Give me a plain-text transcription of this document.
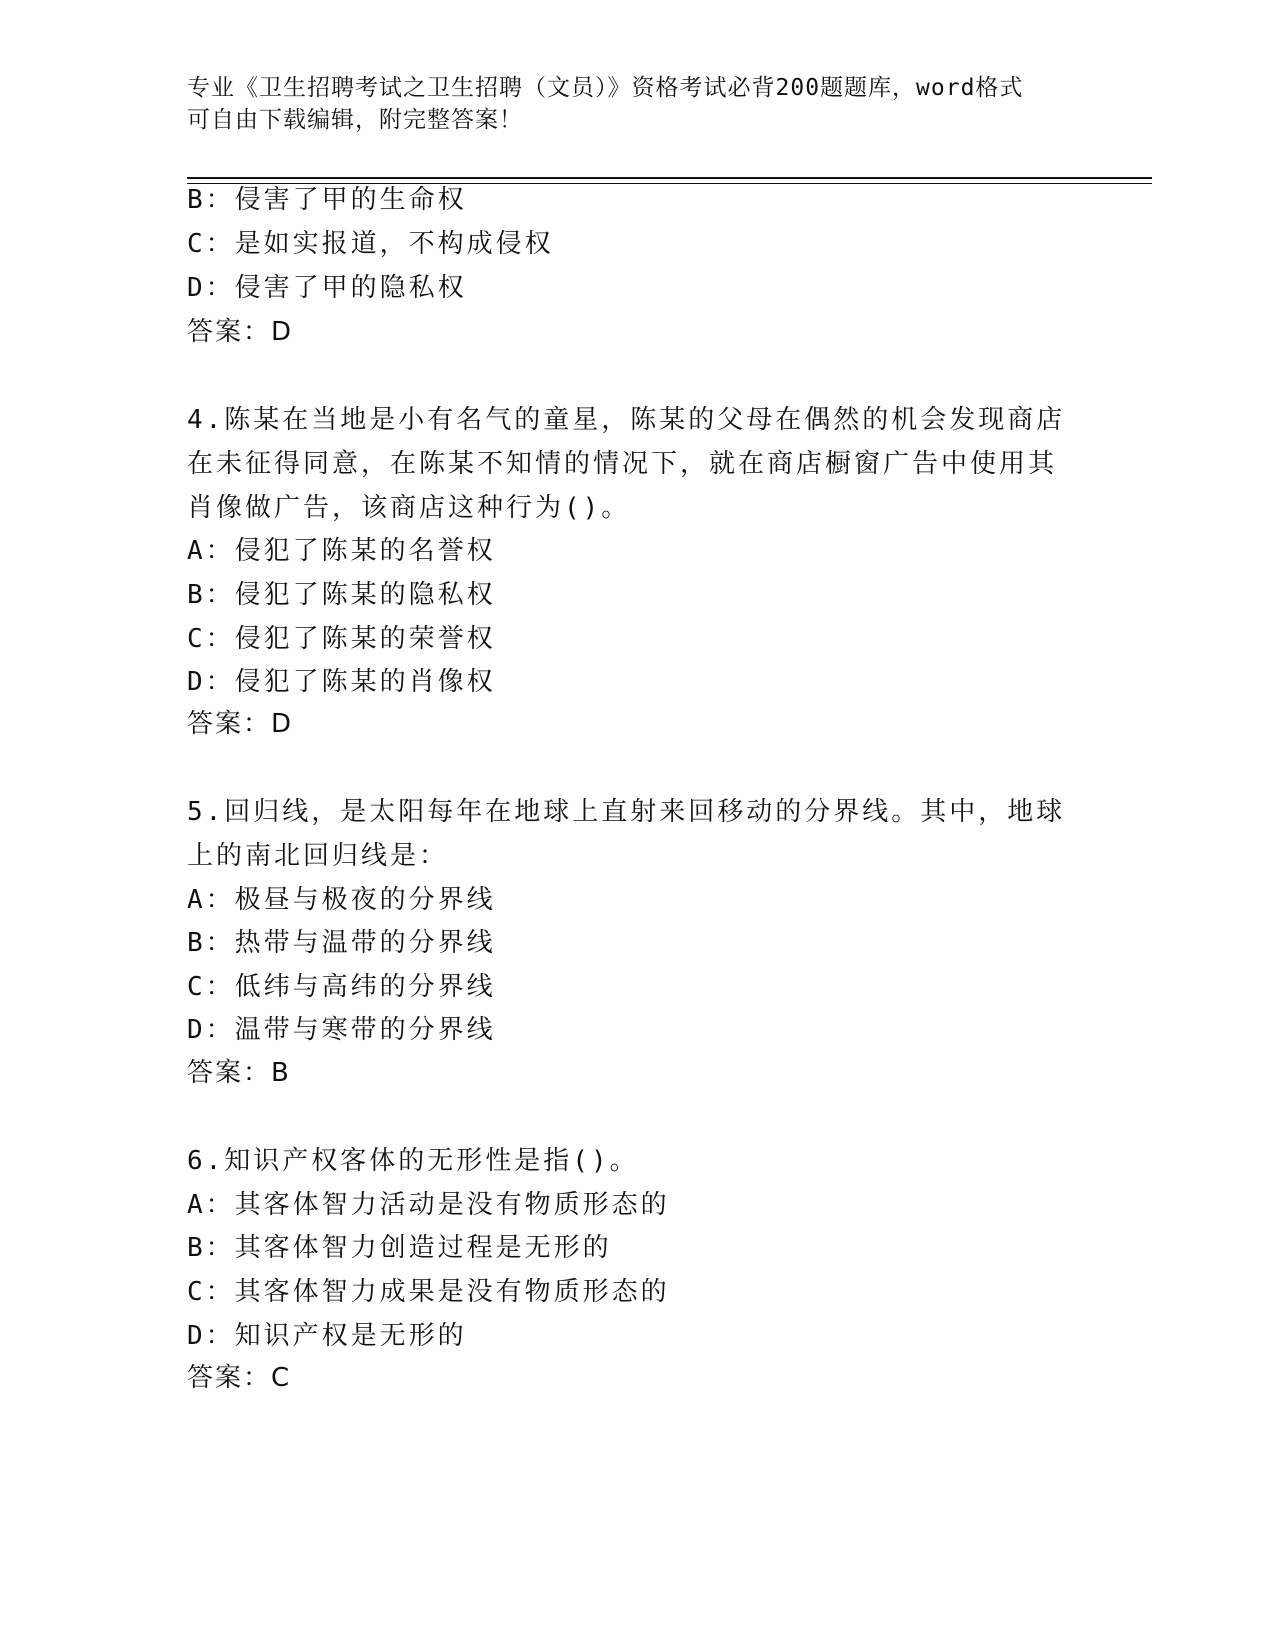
专业《卫生招聘考试之卫生招聘（文员）》资格考试必背200题题库，word格式
可自由下载编辑，附完整答案！
B：侵害了甲的生命权
C：是如实报道，不构成侵权
D：侵害了甲的隐私权
答案：D
4.陈某在当地是小有名气的童星，陈某的父母在偶然的机会发现商店
在未征得同意，在陈某不知情的情况下，就在商店橱窗广告中使用其
肖像做广告，该商店这种行为()。
A：侵犯了陈某的名誉权
B：侵犯了陈某的隐私权
C：侵犯了陈某的荣誉权
D：侵犯了陈某的肖像权
答案：D
5.回归线，是太阳每年在地球上直射来回移动的分界线。其中，地球
上的南北回归线是：
A：极昼与极夜的分界线
B：热带与温带的分界线
C：低纬与高纬的分界线
D：温带与寒带的分界线
答案：B
6.知识产权客体的无形性是指()。
A：其客体智力活动是没有物质形态的
B：其客体智力创造过程是无形的
C：其客体智力成果是没有物质形态的
D：知识产权是无形的
答案：C
